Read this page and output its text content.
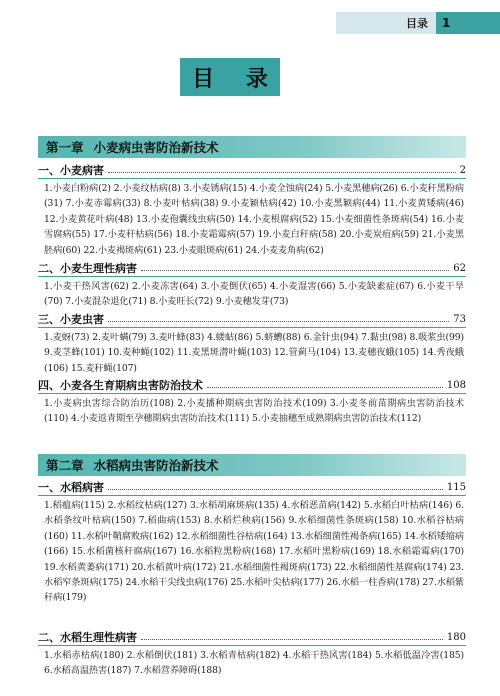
目录	1
目 录
第一章 小麦病虫害防治新技术
一、小麦病害	2

1.小麦白粉病(2) 2.小麦纹枯病(8) 3.小麦锈病(15) 4.小麦全蚀病(24) 5.小麦黑穗病(26) 6.小麦秆黑粉病(31) 7.小麦赤霉病(33) 8.小麦叶枯病(38) 9.小麦颖枯病(42) 10.小麦黑颖病(44) 11.小麦黄矮病(46) 12.小麦黄花叶病(48) 13.小麦孢囊线虫病(50) 14.小麦根腐病(52) 15.小麦细菌性条斑病(54) 16.小麦雪腐病(55) 17.小麦秆枯病(56) 18.小麦霜霉病(57) 19.小麦白秆病(58) 20.小麦炭疽病(59) 21.小麦黑胚病(60) 22.小麦褐斑病(61) 23.小麦眼斑病(61) 24.小麦麦角病(62)

二、小麦生理性病害	62

1.小麦干热风害(62) 2.小麦冻害(64) 3.小麦倒伏(65) 4.小麦湿害(66) 5.小麦缺素症(67) 6.小麦干旱(70) 7.小麦混杂退化(71) 8.小麦旺长(72) 9.小麦穗发芽(73)

三、小麦虫害	73

1.麦蚜(73) 2.麦叶螨(79) 3.麦叶蜂(83) 4.蝼蛄(86) 5.蛴螬(88) 6.金针虫(94) 7.黏虫(98) 8.吸浆虫(99) 9.麦茎蜂(101) 10.麦种蝇(102) 11.麦黑斑潜叶蝇(103) 12.管蓟马(104) 13.麦穗夜蛾(105) 14.秀夜蛾(106) 15.麦秆蝇(107)

四、小麦各生育期病虫害防治技术	108

1.小麦病虫害综合防治历(108) 2.小麦播种期病虫害防治技术(109) 3.小麦冬前苗期病虫害防治技术(110) 4.小麦返青期至孕穗期病虫害防治技术(111) 5.小麦抽穗至成熟期病虫害防治技术(112)

第二章 水稻病虫害防治新技术
一、水稻病害	115

1.稻瘟病(115) 2.水稻纹枯病(127) 3.水稻胡麻斑病(135) 4.水稻恶苗病(142) 5.水稻白叶枯病(146) 6.水稻条纹叶枯病(150) 7.稻曲病(153) 8.水稻烂秧病(156) 9.水稻细菌性条斑病(158) 10.水稻谷枯病(160) 11.水稻叶鞘腐败病(162) 12.水稻细菌性谷枯病(164) 13.水稻细菌性褐条病(165) 14.水稻矮缩病(166) 15.水稻菌核秆腐病(167) 16.水稻粒黑粉病(168) 17.水稻叶黑粉病(169) 18.水稻霜霉病(170) 19.水稻黄萎病(171) 20.水稻黄叶病(172) 21.水稻细菌性褐斑病(173) 22.水稻细菌性基腐病(174) 23.水稻窄条斑病(175) 24.水稻干尖线虫病(176) 25.水稻叶尖枯病(177) 26.水稻一柱香病(178) 27.水稻紫秆病(179)

二、水稻生理性病害	180

1.水稻赤枯病(180) 2.水稻倒伏(181) 3.水稻青枯病(182) 4.水稻干热风害(184) 5.水稻低温冷害(185) 6.水稻高温热害(187) 7.水稻营养障碍(188)
